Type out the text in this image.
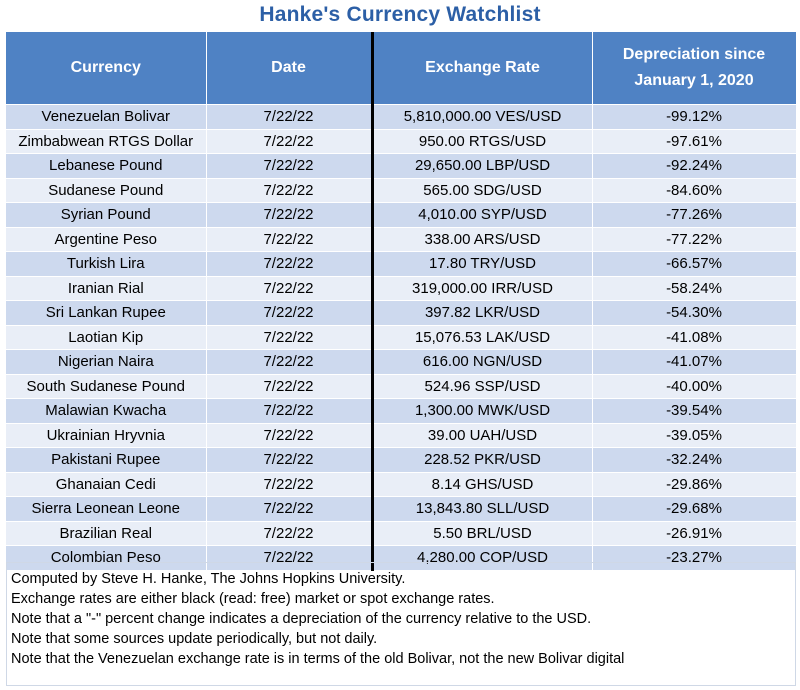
Hanke's Currency Watchlist
Currency	Date	Exchange Rate	Depreciation since
January 1, 2020
Venezuelan Bolivar	7/22/22	5,810,000.00 VES/USD	-99.12%
Zimbabwean RTGS Dollar	7/22/22	950.00 RTGS/USD	-97.61%
Lebanese Pound	7/22/22	29,650.00 LBP/USD	-92.24%
Sudanese Pound	7/22/22	565.00 SDG/USD	-84.60%
Syrian Pound	7/22/22	4,010.00 SYP/USD	-77.26%
Argentine Peso	7/22/22	338.00 ARS/USD	-77.22%
Turkish Lira	7/22/22	17.80 TRY/USD	-66.57%
Iranian Rial	7/22/22	319,000.00 IRR/USD	-58.24%
Sri Lankan Rupee	7/22/22	397.82 LKR/USD	-54.30%
Laotian Kip	7/22/22	15,076.53 LAK/USD	-41.08%
Nigerian Naira	7/22/22	616.00 NGN/USD	-41.07%
South Sudanese Pound	7/22/22	524.96 SSP/USD	-40.00%
Malawian Kwacha	7/22/22	1,300.00 MWK/USD	-39.54%
Ukrainian Hryvnia	7/22/22	39.00 UAH/USD	-39.05%
Pakistani Rupee	7/22/22	228.52 PKR/USD	-32.24%
Ghanaian Cedi	7/22/22	8.14 GHS/USD	-29.86%
Sierra Leonean Leone	7/22/22	13,843.80 SLL/USD	-29.68%
Brazilian Real	7/22/22	5.50 BRL/USD	-26.91%
Colombian Peso	7/22/22	4,280.00 COP/USD	-23.27%
Computed by Steve H. Hanke, The Johns Hopkins University.
Exchange rates are either black (read: free) market or spot exchange rates.
Note that a "-" percent change indicates a depreciation of the currency relative to the USD.
Note that some sources update periodically, but not daily.
Note that the Venezuelan exchange rate is in terms of the old Bolivar, not the new Bolivar digital
